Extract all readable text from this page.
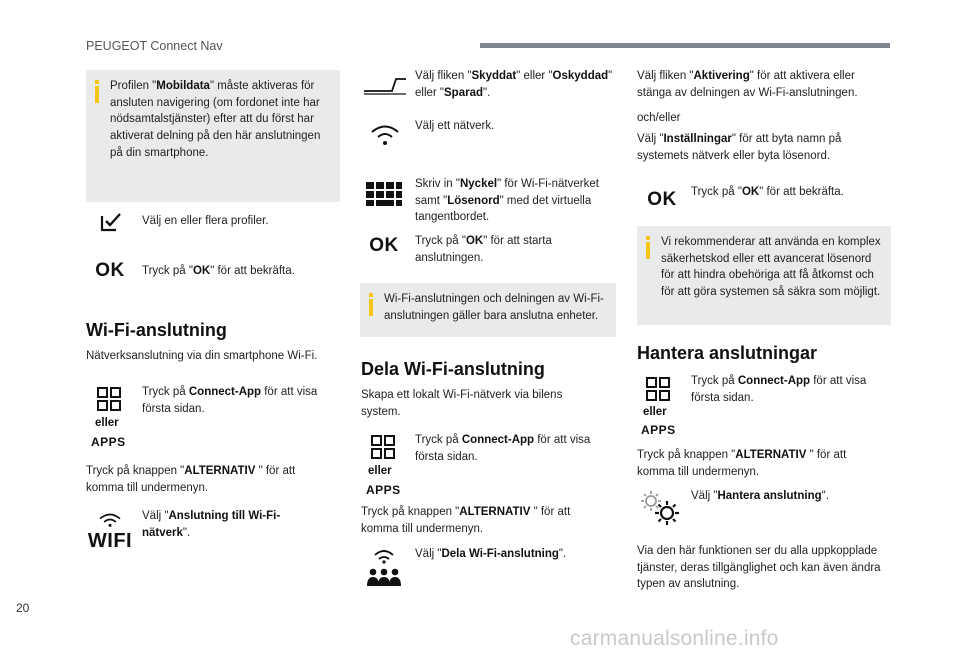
PEUGEOT Connect Nav
20
carmanualsonline.info
Profilen "Mobildata" måste aktiveras för ansluten navigering (om fordonet inte har nödsamtalstjänster) efter att du först har aktiverat delning på den här anslutningen på din smartphone.
Välj en eller flera profiler.
OK	Tryck på "OK" för att bekräfta.
Wi-Fi-anslutning
Nätverksanslutning via din smartphone Wi-Fi.
eller
APPS
Tryck på Connect-App för att visa första sidan.
Tryck på knappen "ALTERNATIV " för att komma till undermenyn.
WIFI
Välj "Anslutning till Wi-Fi-nätverk".
Välj fliken "Skyddat" eller "Oskyddad" eller "Sparad".
Välj ett nätverk.
Skriv in "Nyckel" för Wi-Fi-nätverket samt "Lösenord" med det virtuella tangentbordet.
OK	Tryck på "OK" för att starta anslutningen.
Wi-Fi-anslutningen och delningen av Wi-Fi-anslutningen gäller bara anslutna enheter.
Dela Wi-Fi-anslutning
Skapa ett lokalt Wi-Fi-nätverk via bilens system.
eller
APPS
Tryck på Connect-App för att visa första sidan.
Tryck på knappen "ALTERNATIV " för att komma till undermenyn.
Välj "Dela Wi-Fi-anslutning".
Välj fliken "Aktivering" för att aktivera eller stänga av delningen av Wi-Fi-anslutningen.
och/eller
Välj "Inställningar" för att byta namn på systemets nätverk eller byta lösenord.
OK	Tryck på "OK" för att bekräfta.
Vi rekommenderar att använda en komplex säkerhetskod eller ett avancerat lösenord för att hindra obehöriga att få åtkomst och för att göra systemen så säkra som möjligt.
Hantera anslutningar
eller
APPS
Tryck på Connect-App för att visa första sidan.
Tryck på knappen "ALTERNATIV " för att komma till undermenyn.
Välj "Hantera anslutning".
Via den här funktionen ser du alla uppkopplade tjänster, deras tillgänglighet och kan även ändra typen av anslutning.
